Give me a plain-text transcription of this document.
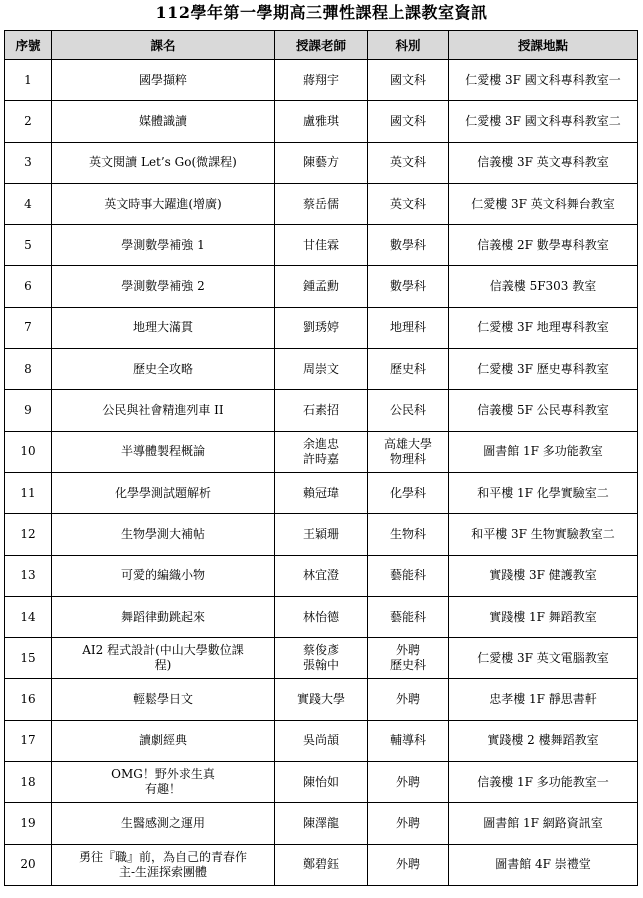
112學年第一學期高三彈性課程上課教室資訊
序號	課名	授課老師	科別	授課地點

1	國學擷粹	蔣翔宇	國文科	仁愛樓 3F 國文科專科教室一

2	媒體識讀	盧雅琪	國文科	仁愛樓 3F 國文科專科教室二

3	英文閱讀 Let’s Go(微課程)	陳藝方	英文科	信義樓 3F 英文專科教室

4	英文時事大躍進(增廣)	蔡岳儒	英文科	仁愛樓 3F 英文科舞台教室

5	學測數學補強 1	甘佳霖	數學科	信義樓 2F 數學專科教室

6	學測數學補強 2	鍾孟勳	數學科	信義樓 5F303 教室

7	地理大滿貫	劉琇婷	地理科	仁愛樓 3F 地理專科教室

8	歷史全攻略	周崇文	歷史科	仁愛樓 3F 歷史專科教室

9	公民與社會精進列車 II	石素招	公民科	信義樓 5F 公民專科教室

10	半導體製程概論	余進忠
許時嘉	高雄大學
物理科	圖書館 1F 多功能教室

11	化學學測試題解析	賴冠瑋	化學科	和平樓 1F 化學實驗室二

12	生物學測大補帖	王穎珊	生物科	和平樓 3F 生物實驗教室二

13	可愛的編織小物	林宜澄	藝能科	實踐樓 3F 健護教室

14	舞蹈律動跳起來	林怡德	藝能科	實踐樓 1F 舞蹈教室

15	AI2 程式設計(中山大學數位課
程)	蔡俊彥
張翰中	外聘
歷史科	仁愛樓 3F 英文電腦教室

16	輕鬆學日文	實踐大學	外聘	忠孝樓 1F 靜思書軒

17	讀劇經典	吳尚頡	輔導科	實踐樓 2 樓舞蹈教室

18	OMG！野外求生真
有趣！	陳怡如	外聘	信義樓 1F 多功能教室一

19	生醫感測之運用	陳澤龍	外聘	圖書館 1F 網路資訊室

20	勇往『職』前，為自己的青春作
主-生涯探索團體	鄭碧鈺	外聘	圖書館 4F 崇禮堂
